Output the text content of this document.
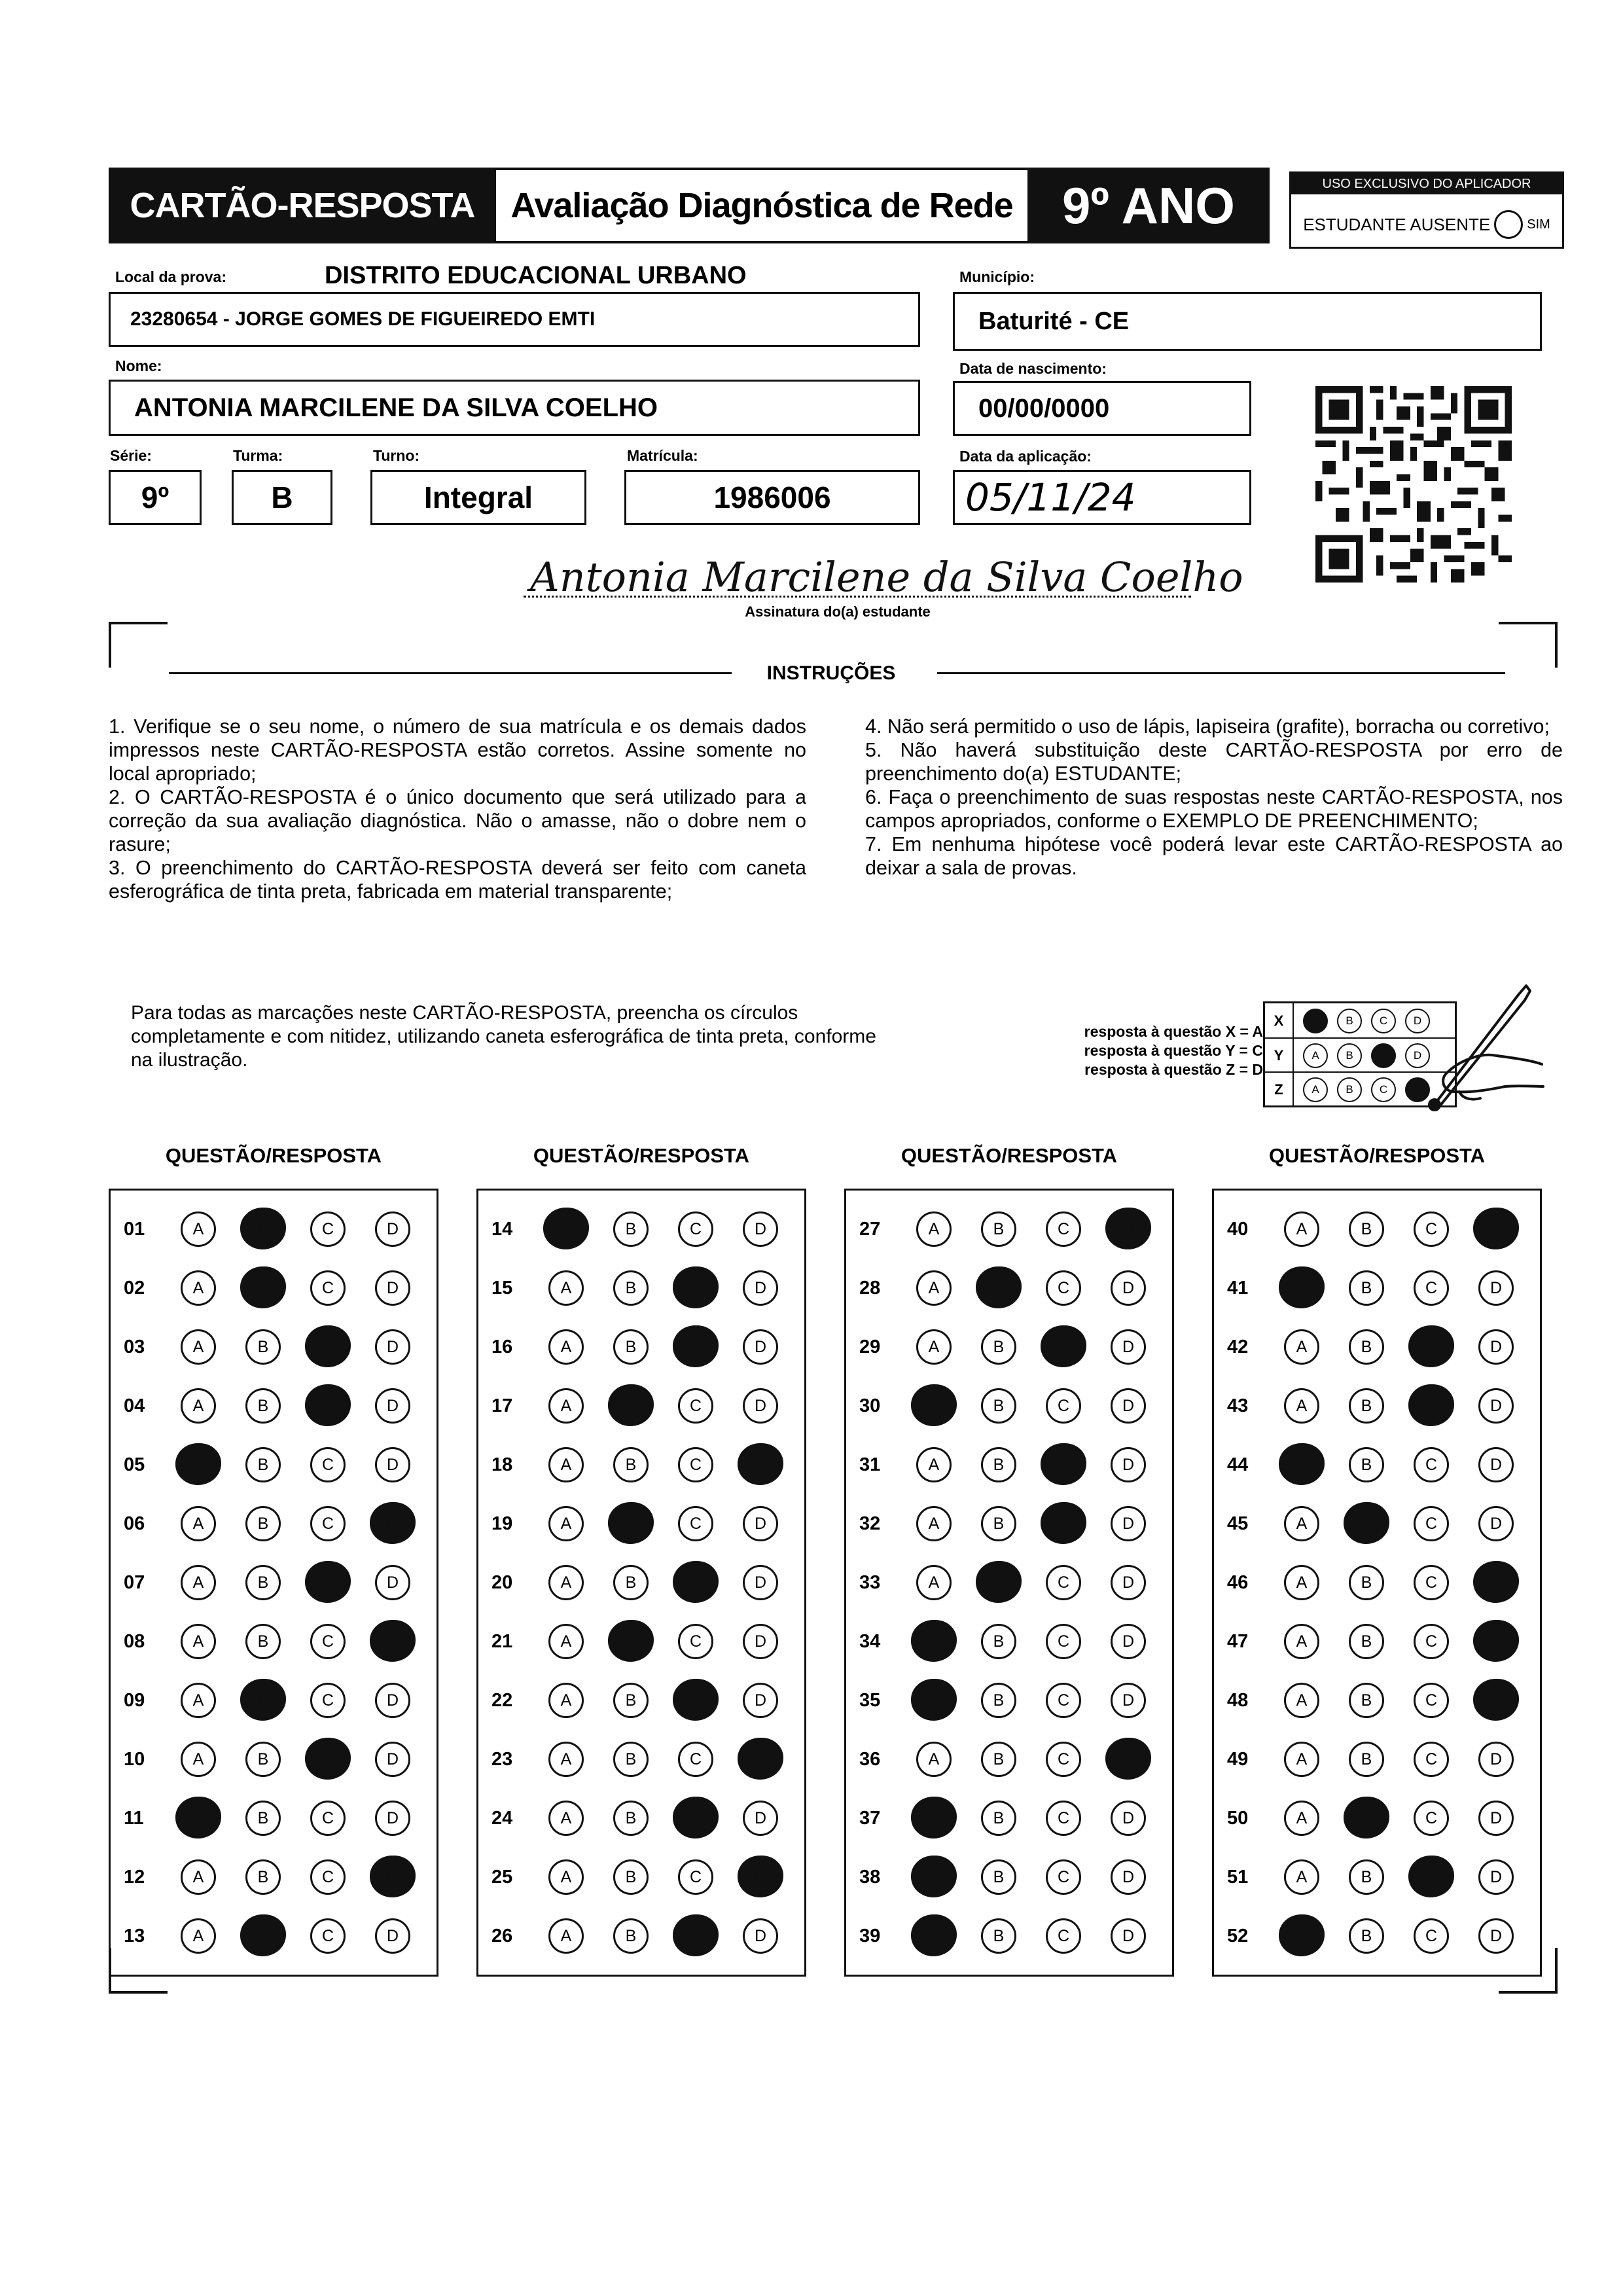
CARTÃO-RESPOSTA	Avaliação Diagnóstica de Rede 9º ANO	USO EXCLUSIVO DO APLICADOR
ESTUDANTE AUSENTE	SIM
Local da prova:	DISTRITO EDUCACIONAL URBANO
23280654 - JORGE GOMES DE FIGUEIREDO EMTI
Município:
Baturité - CE
Nome:
ANTONIA MARCILENE DA SILVA COELHO
Data de nascimento:
00/00/0000
Série:
9º
Turma:
B
Turno:
Integral
Matrícula:
1986006
Data da aplicação:
05/11/24
Antonia Marcilene da Silva Coelho
Assinatura do(a) estudante
INSTRUÇÕES

1. Verifique se o seu nome, o número de sua matrícula e os demais dados impressos neste CARTÃO-RESPOSTA estão corretos. Assine somente no local apropriado;

2. O CARTÃO-RESPOSTA é o único documento que será utilizado para a correção da sua avaliação diagnóstica. Não o amasse, não o dobre nem o rasure;

3. O preenchimento do CARTÃO-RESPOSTA deverá ser feito com caneta esferográfica de tinta preta, fabricada em material transparente;

4. Não será permitido o uso de lápis, lapiseira (grafite), borracha ou corretivo;

5. Não haverá substituição deste CARTÃO-RESPOSTA por erro de preenchimento do(a) ESTUDANTE;

6. Faça o preenchimento de suas respostas neste CARTÃO-RESPOSTA, nos campos apropriados, conforme o EXEMPLO DE PREENCHIMENTO;

7. Em nenhuma hipótese você poderá levar este CARTÃO-RESPOSTA ao deixar a sala de provas.

Para todas as marcações neste CARTÃO-RESPOSTA, preencha os círculos completamente e com nitidez, utilizando caneta esferográfica de tinta preta, conforme na ilustração.
resposta à questão X = A
resposta à questão Y = C
resposta à questão Z = D
X	A	B	C	D
Y	A	B	C	D
Z	A	B	C	D
QUESTÃO/RESPOSTA
01	A	B	C	D
02	A	B	C	D
03	A	B	C	D
04	A	B	C	D
05	A	B	C	D
06	A	B	C	D
07	A	B	C	D
08	A	B	C	D
09	A	B	C	D
10	A	B	C	D
11	A	B	C	D
12	A	B	C	D
13	A	B	C	D
QUESTÃO/RESPOSTA
14	A	B	C	D
15	A	B	C	D
16	A	B	C	D
17	A	B	C	D
18	A	B	C	D
19	A	B	C	D
20	A	B	C	D
21	A	B	C	D
22	A	B	C	D
23	A	B	C	D
24	A	B	C	D
25	A	B	C	D
26	A	B	C	D
QUESTÃO/RESPOSTA
27	A	B	C	D
28	A	B	C	D
29	A	B	C	D
30	A	B	C	D
31	A	B	C	D
32	A	B	C	D
33	A	B	C	D
34	A	B	C	D
35	A	B	C	D
36	A	B	C	D
37	A	B	C	D
38	A	B	C	D
39	A	B	C	D
QUESTÃO/RESPOSTA
40	A	B	C	D
41	A	B	C	D
42	A	B	C	D
43	A	B	C	D
44	A	B	C	D
45	A	B	C	D
46	A	B	C	D
47	A	B	C	D
48	A	B	C	D
49	A	B	C	D
50	A	B	C	D
51	A	B	C	D
52	A	B	C	D
